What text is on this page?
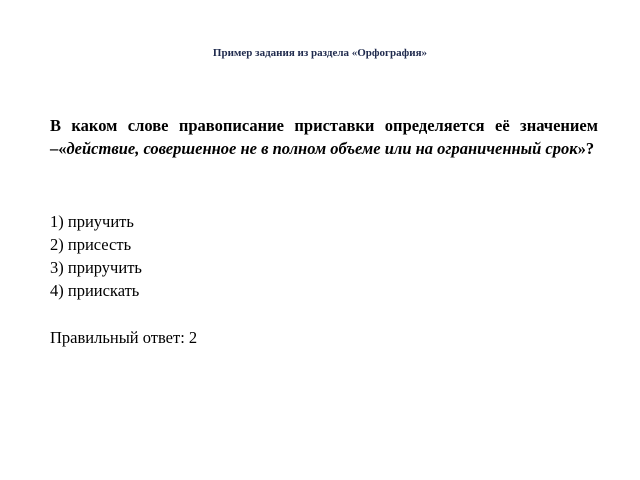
Пример задания из раздела «Орфография»
В каком слове правописание приставки определяется её значением –«действие, совершенное не в полном объеме или на ограниченный срок»?
1) приучить
2) присесть
3) приручить
4) приискать
Правильный ответ: 2
